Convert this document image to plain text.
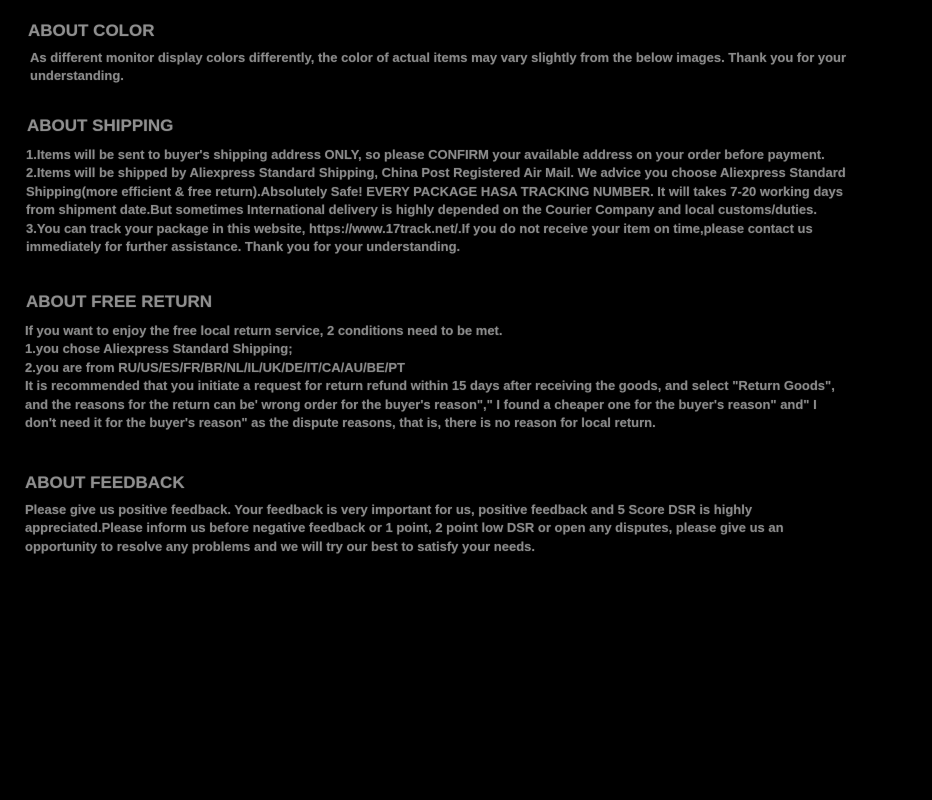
ABOUT COLOR

As different monitor display colors differently, the color of actual items may vary slightly from the below images. Thank you for your
understanding.

ABOUT SHIPPING

1.Items will be sent to buyer's shipping address ONLY, so please CONFIRM your available address on your order before payment.
2.Items will be shipped by Aliexpress Standard Shipping, China Post Registered Air Mail. We advice you choose Aliexpress Standard
Shipping(more efficient & free return).Absolutely Safe! EVERY PACKAGE HASA TRACKING NUMBER. It will takes 7-20 working days
from shipment date.But sometimes International delivery is highly depended on the Courier Company and local customs/duties.
3.You can track your package in this website, https://www.17track.net/.If you do not receive your item on time,please contact us
immediately for further assistance. Thank you for your understanding.

ABOUT FREE RETURN

If you want to enjoy the free local return service, 2 conditions need to be met.
1.you chose Aliexpress Standard Shipping;
2.you are from RU/US/ES/FR/BR/NL/IL/UK/DE/IT/CA/AU/BE/PT
It is recommended that you initiate a request for return refund within 15 days after receiving the goods, and select "Return Goods",
and the reasons for the return can be' wrong order for the buyer's reason"," I found a cheaper one for the buyer's reason" and" I
don't need it for the buyer's reason" as the dispute reasons, that is, there is no reason for local return.

ABOUT FEEDBACK

Please give us positive feedback. Your feedback is very important for us, positive feedback and 5 Score DSR is highly
appreciated.Please inform us before negative feedback or 1 point, 2 point low DSR or open any disputes, please give us an
opportunity to resolve any problems and we will try our best to satisfy your needs.
